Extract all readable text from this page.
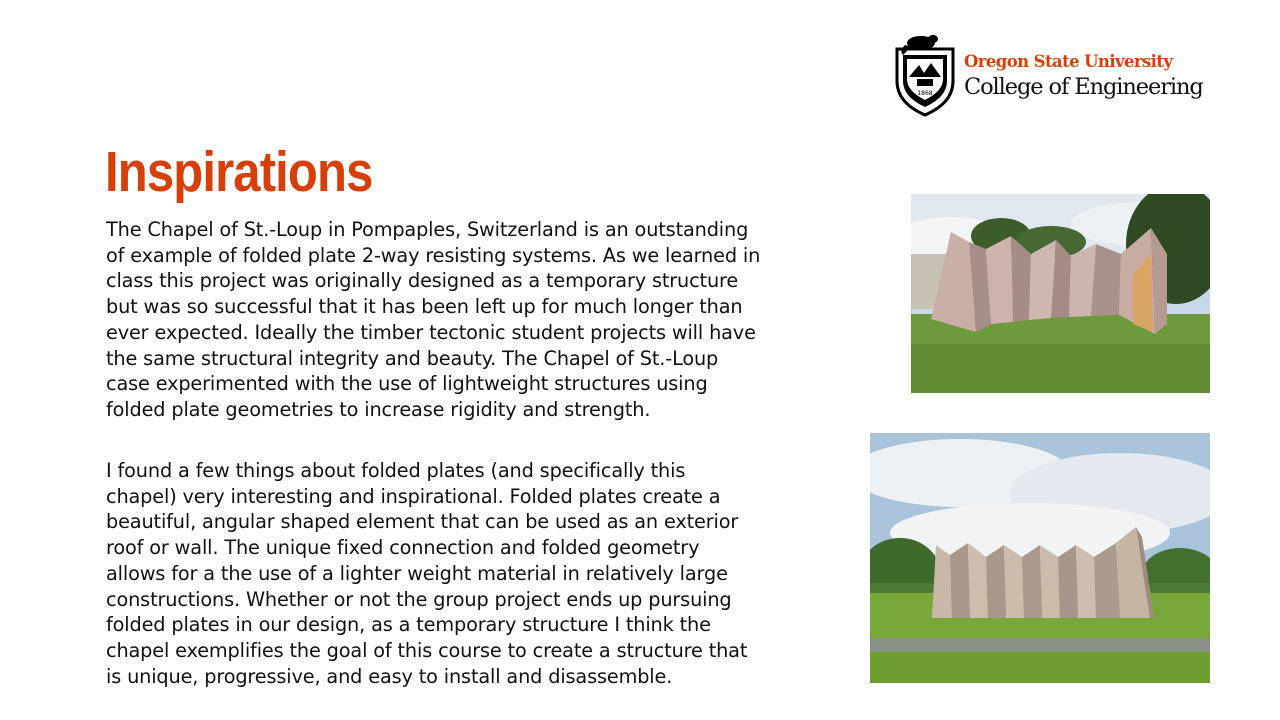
1868
Oregon State University
College of Engineering
Inspirations

The Chapel of St.-Loup in Pompaples, Switzerland is an outstanding
of example of folded plate 2-way resisting systems. As we learned in
class this project was originally designed as a temporary structure
but was so successful that it has been left up for much longer than
ever expected. Ideally the timber tectonic student projects will have
the same structural integrity and beauty. The Chapel of St.-Loup
case experimented with the use of lightweight structures using
folded plate geometries to increase rigidity and strength.

I found a few things about folded plates (and specifically this
chapel) very interesting and inspirational. Folded plates create a
beautiful, angular shaped element that can be used as an exterior
roof or wall. The unique fixed connection and folded geometry
allows for a the use of a lighter weight material in relatively large
constructions. Whether or not the group project ends up pursuing
folded plates in our design, as a temporary structure I think the
chapel exemplifies the goal of this course to create a structure that
is unique, progressive, and easy to install and disassemble.
